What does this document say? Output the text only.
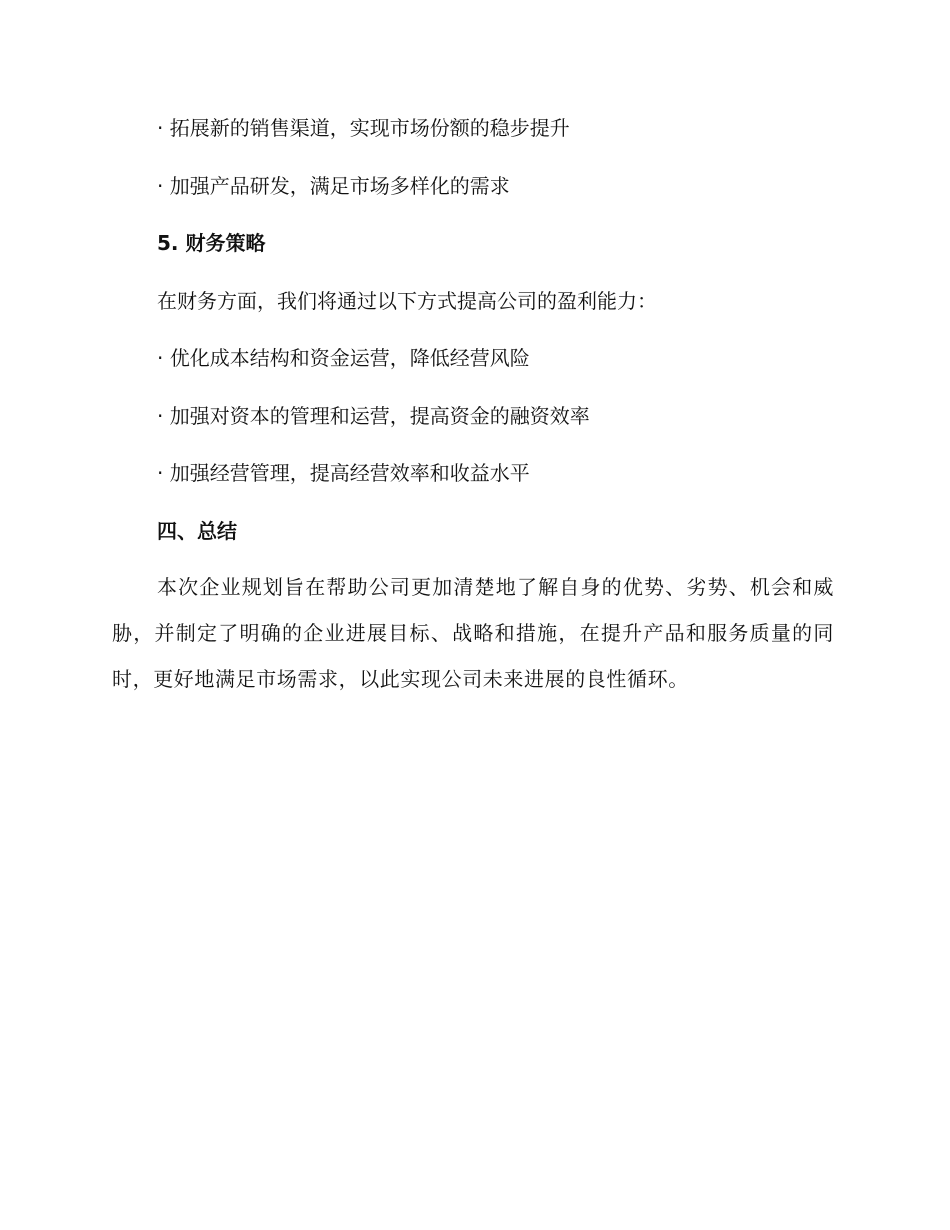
· 拓展新的销售渠道，实现市场份额的稳步提升
· 加强产品研发，满足市场多样化的需求
5. 财务策略
在财务方面，我们将通过以下方式提高公司的盈利能力：
· 优化成本结构和资金运营，降低经营风险
· 加强对资本的管理和运营，提高资金的融资效率
· 加强经营管理，提高经营效率和收益水平
四、总结
本次企业规划旨在帮助公司更加清楚地了解自身的优势、劣势、机会和威胁，并制定了明确的企业进展目标、战略和措施，在提升产品和服务质量的同时，更好地满足市场需求，以此实现公司未来进展的良性循环。
